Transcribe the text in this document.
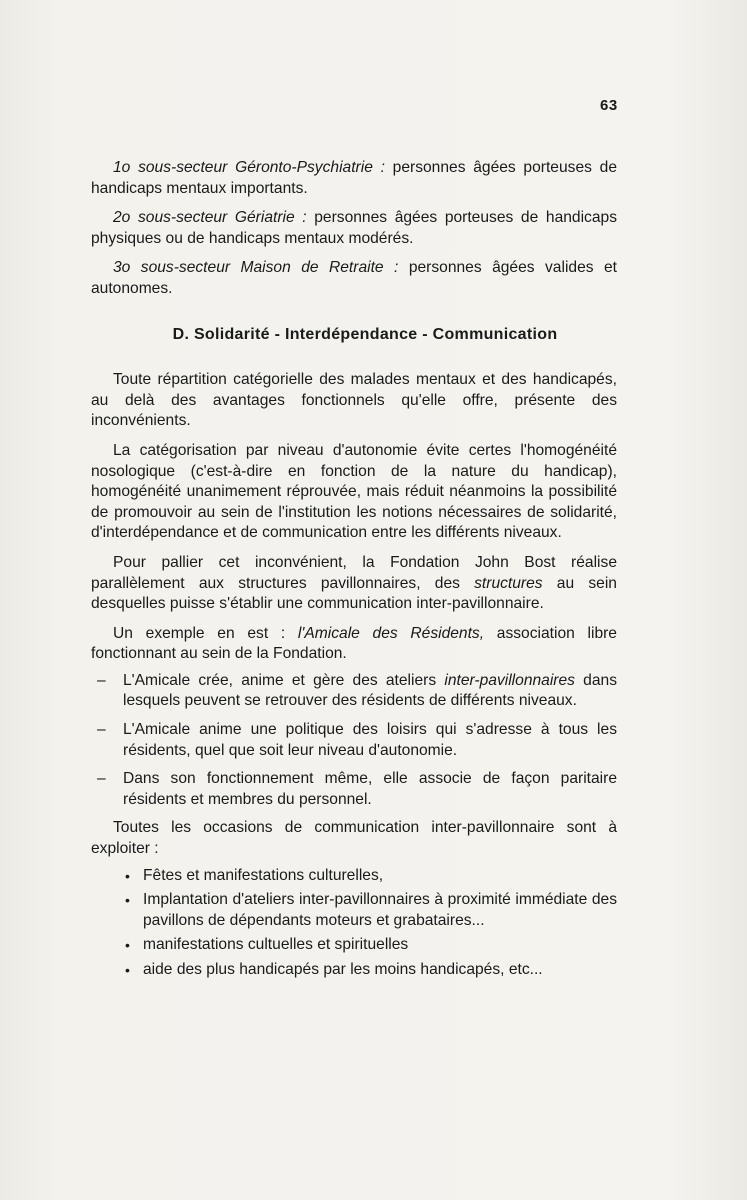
63

1o sous-secteur Géronto-Psychiatrie : personnes âgées porteuses de handicaps mentaux importants.

2o sous-secteur Gériatrie : personnes âgées porteuses de handicaps physiques ou de handicaps mentaux modérés.

3o sous-secteur Maison de Retraite : personnes âgées valides et autonomes.

D. Solidarité - Interdépendance - Communication

Toute répartition catégorielle des malades mentaux et des handicapés, au delà des avantages fonctionnels qu'elle offre, présente des inconvénients.

La catégorisation par niveau d'autonomie évite certes l'homogénéité nosologique (c'est-à-dire en fonction de la nature du handicap), homogénéité unanimement réprouvée, mais réduit néanmoins la possibilité de promouvoir au sein de l'institution les notions nécessaires de solidarité, d'interdépendance et de communication entre les différents niveaux.

Pour pallier cet inconvénient, la Fondation John Bost réalise parallèlement aux structures pavillonnaires, des structures au sein desquelles puisse s'établir une communication inter-pavillonnaire.

Un exemple en est : l'Amicale des Résidents, association libre fonctionnant au sein de la Fondation.

– L'Amicale crée, anime et gère des ateliers inter-pavillonnaires dans lesquels peuvent se retrouver des résidents de différents niveaux.
– L'Amicale anime une politique des loisirs qui s'adresse à tous les résidents, quel que soit leur niveau d'autonomie.
– Dans son fonctionnement même, elle associe de façon paritaire résidents et membres du personnel.

Toutes les occasions de communication inter-pavillonnaire sont à exploiter :

• Fêtes et manifestations culturelles,
• Implantation d'ateliers inter-pavillonnaires à proximité immédiate des pavillons de dépendants moteurs et grabataires...
• manifestations cultuelles et spirituelles
• aide des plus handicapés par les moins handicapés, etc...
